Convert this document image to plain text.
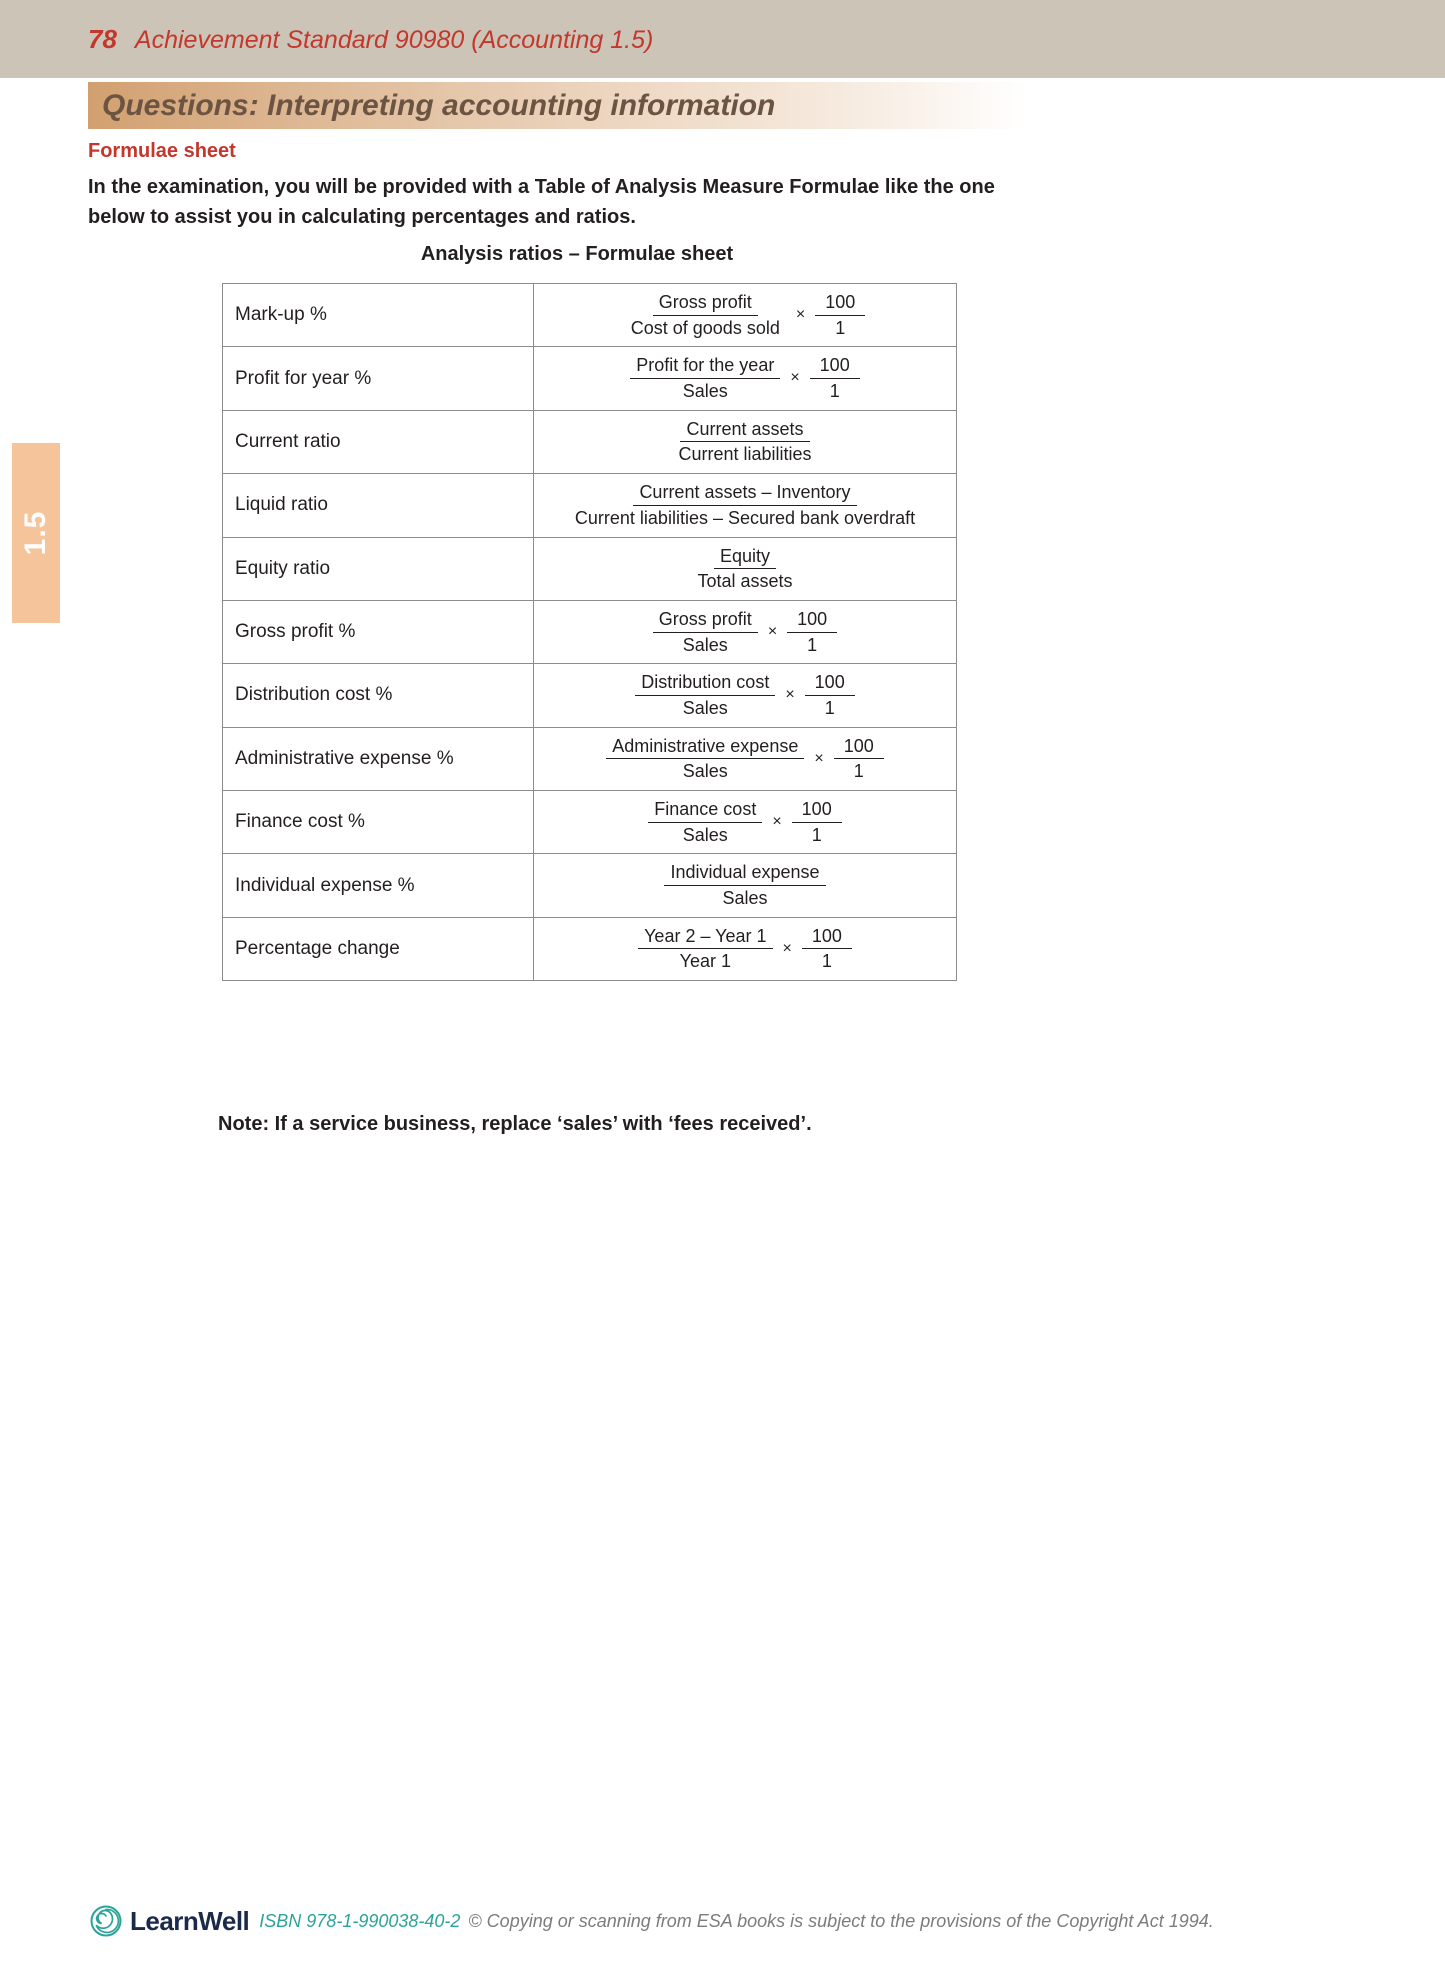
78 Achievement Standard 90980 (Accounting 1.5)
1.5
Questions: Interpreting accounting information
Formulae sheet
In the examination, you will be provided with a Table of Analysis Measure Formulae like the one below to assist you in calculating percentages and ratios.
Analysis ratios – Formulae sheet
Mark-up %	$\frac{\text{Gross profit}}{\text{Cost of goods sold}} \times \frac{100}{1}$

Profit for year %	$\frac{\text{Profit for the year}}{\text{Sales}} \times \frac{100}{1}$

Current ratio	$\frac{\text{Current assets}}{\text{Current liabilities}}$

Liquid ratio	$\frac{\text{Current assets – Inventory}}{\text{Current liabilities – Secured bank overdraft}}$

Equity ratio	$\frac{\text{Equity}}{\text{Total assets}}$

Gross profit %	$\frac{\text{Gross profit}}{\text{Sales}} \times \frac{100}{1}$

Distribution cost %	$\frac{\text{Distribution cost}}{\text{Sales}} \times \frac{100}{1}$

Administrative expense %	$\frac{\text{Administrative expense}}{\text{Sales}} \times \frac{100}{1}$

Finance cost %	$\frac{\text{Finance cost}}{\text{Sales}} \times \frac{100}{1}$

Individual expense %	$\frac{\text{Individual expense}}{\text{Sales}}$

Percentage change	$\frac{\text{Year 2 – Year 1}}{\text{Year 1}} \times \frac{100}{1}$
Note: If a service business, replace ‘sales’ with ‘fees received’.
LearnWell ISBN 978-1-990038-40-2 © Copying or scanning from ESA books is subject to the provisions of the Copyright Act 1994.
